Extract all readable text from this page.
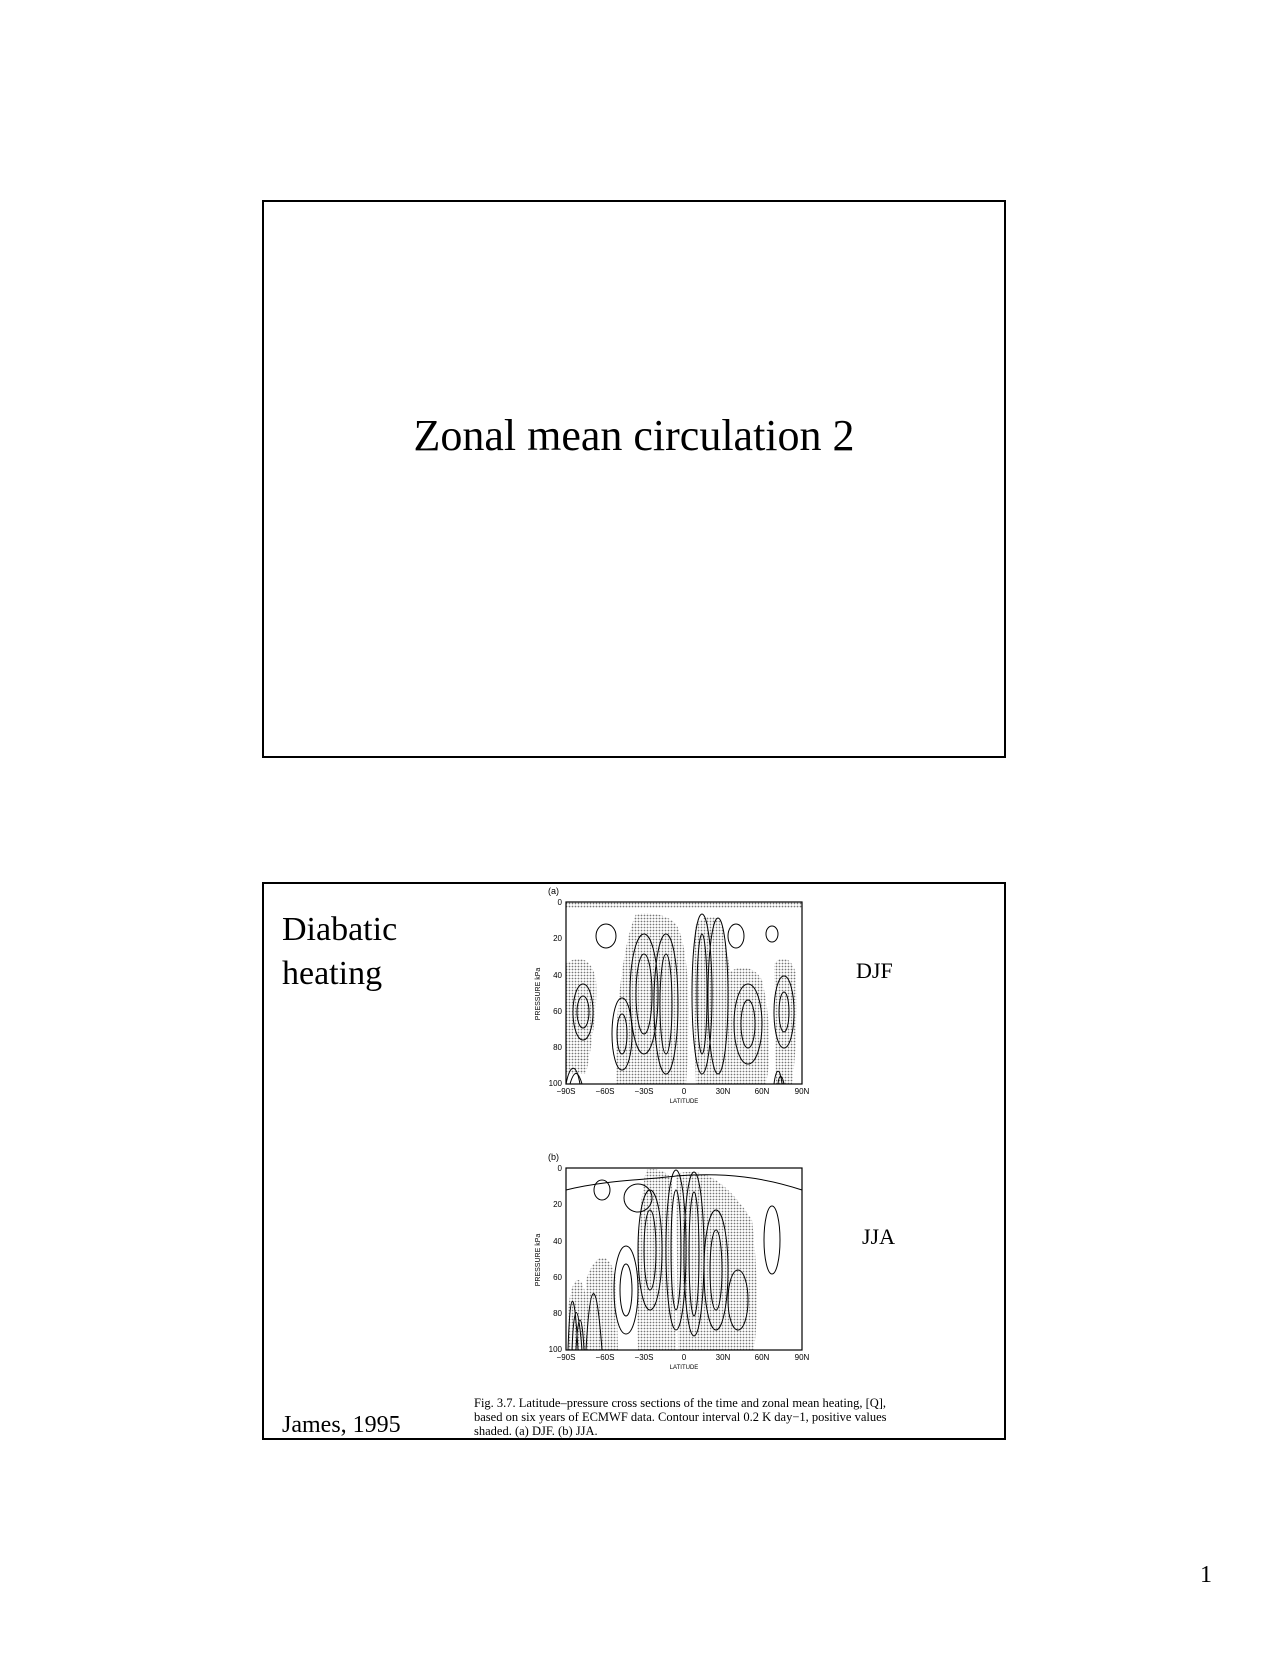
Zonal mean circulation 2
Diabatic
heating
(a)
0
20
40
60
80
100
PRESSURE kPa
−90S	−60S	−30S	0	30N	60N	90N
LATITUDE
(b)
0
20
40
60
80
100
PRESSURE kPa
−90S	−60S	−30S	0	30N	60N	90N
LATITUDE
DJF
JJA
Fig. 3.7. Latitude–pressure cross sections of the time and zonal mean heating, [Q], based on six years of ECMWF data. Contour interval 0.2 K day−1, positive values shaded. (a) DJF. (b) JJA.
James, 1995
1
